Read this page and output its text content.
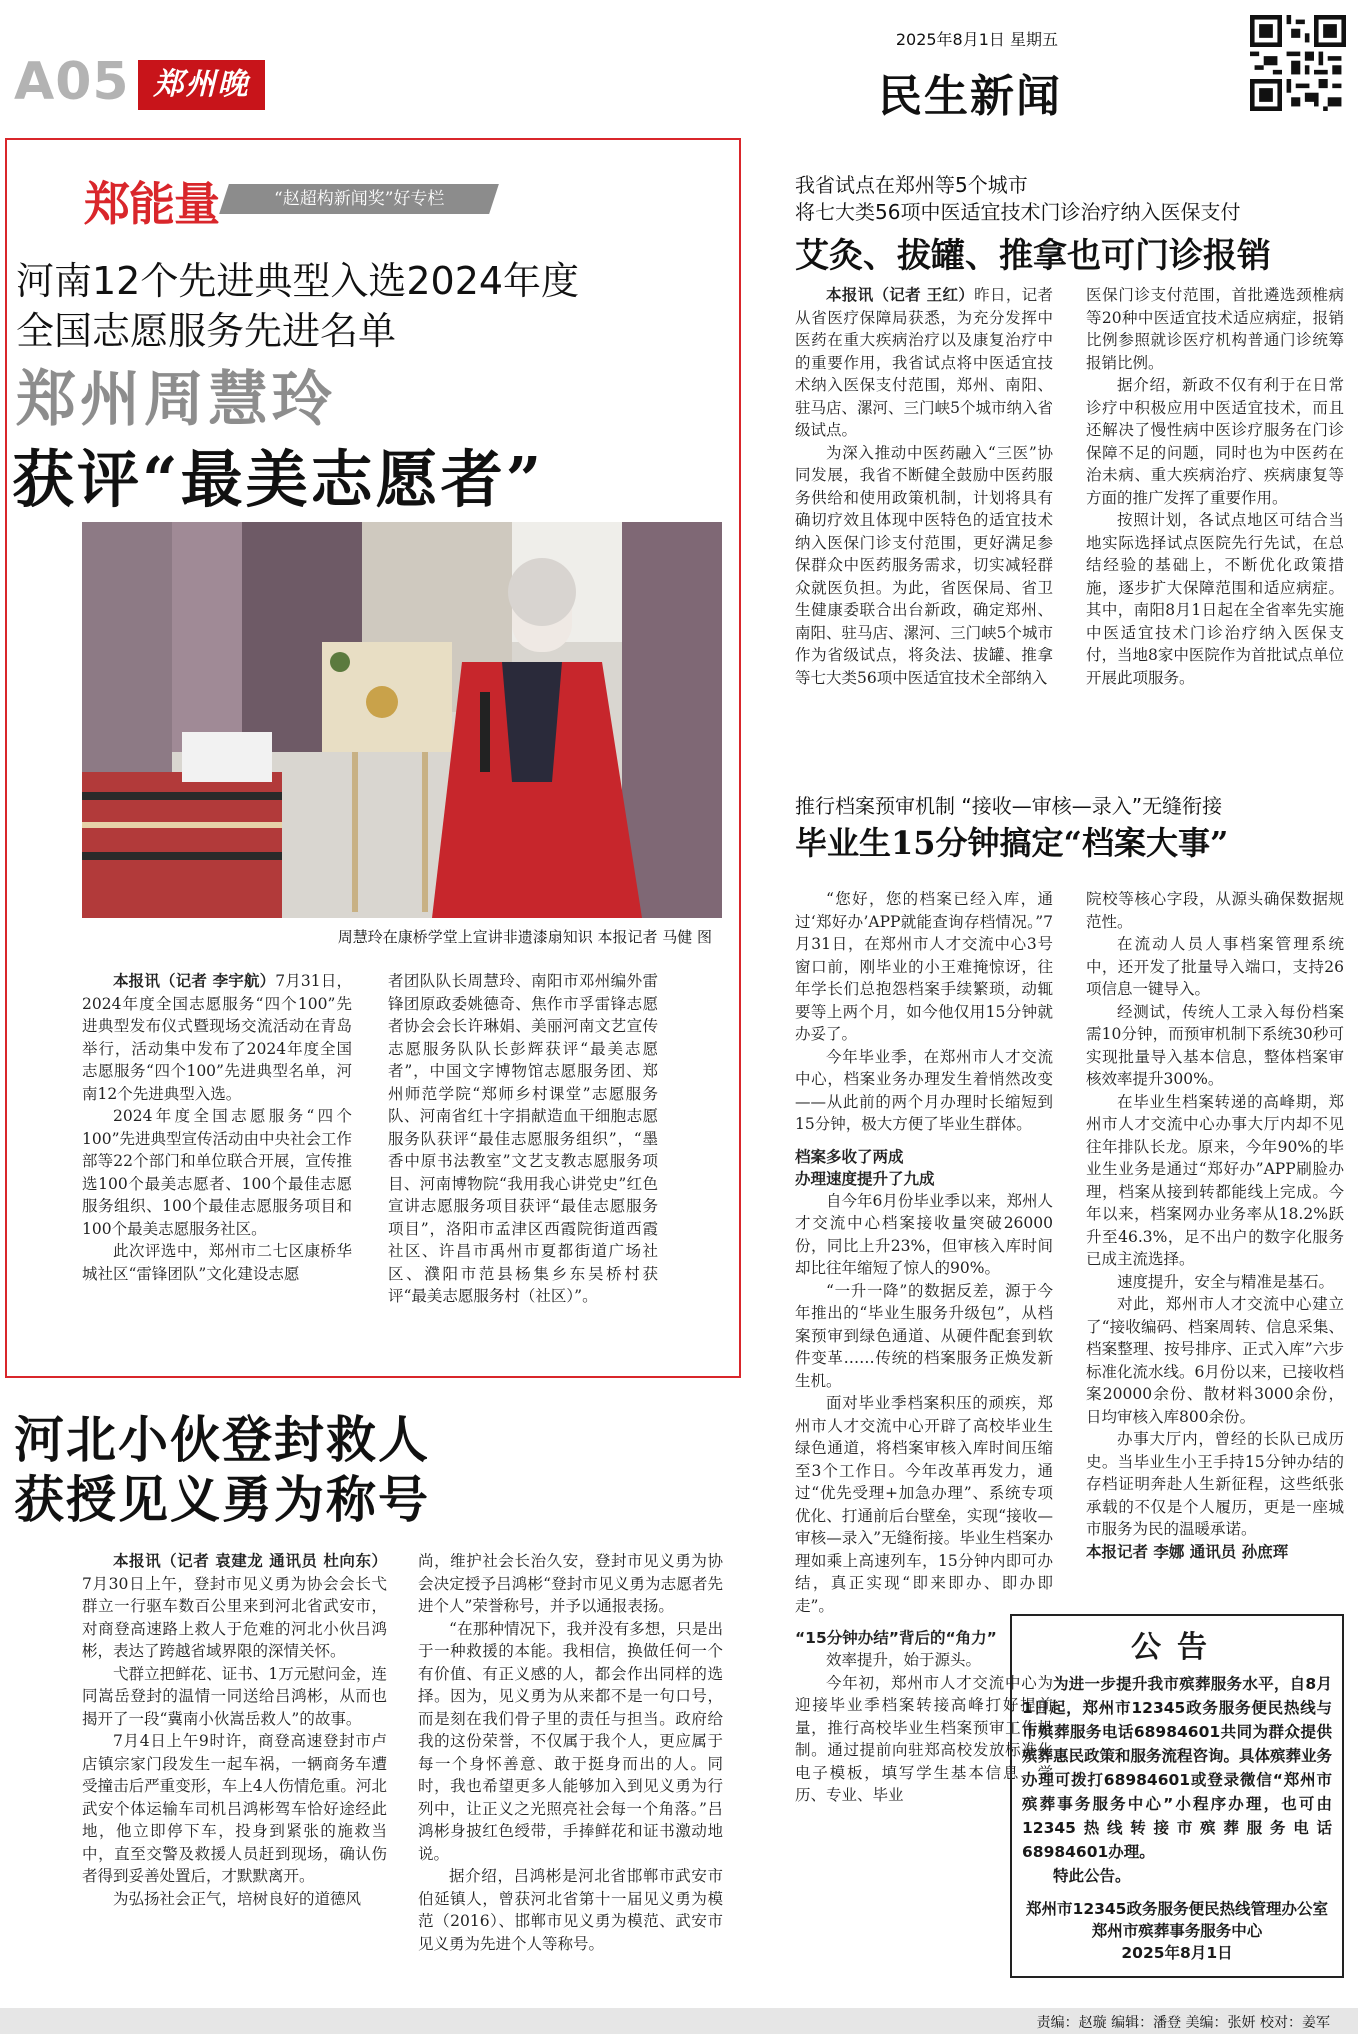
A05 郑州晚报
2025年8月1日 星期五
民生新闻
郑能量	“赵超构新闻奖”好专栏
河南12个先进典型入选2024年度
全国志愿服务先进名单
郑州周慧玲
获评“最美志愿者”
周慧玲在康桥学堂上宣讲非遗漆扇知识 本报记者 马健 图

本报讯（记者 李宇航）7月31日，2024年度全国志愿服务“四个100”先进典型发布仪式暨现场交流活动在青岛举行，活动集中发布了2024年度全国志愿服务“四个100”先进典型名单，河南12个先进典型入选。

2024年度全国志愿服务“四个100”先进典型宣传活动由中央社会工作部等22个部门和单位联合开展，宣传推选100个最美志愿者、100个最佳志愿服务组织、100个最佳志愿服务项目和100个最美志愿服务社区。

此次评选中，郑州市二七区康桥华城社区“雷锋团队”文化建设志愿

者团队队长周慧玲、南阳市邓州编外雷锋团原政委姚德奇、焦作市孚雷锋志愿者协会会长许琳娟、美丽河南文艺宣传志愿服务队队长彭辉获评“最美志愿者”，中国文字博物馆志愿服务团、郑州师范学院“郑师乡村课堂”志愿服务队、河南省红十字捐献造血干细胞志愿服务队获评“最佳志愿服务组织”，“墨香中原书法教室”文艺支教志愿服务项目、河南博物院“我用我心讲党史”红色宣讲志愿服务项目获评“最佳志愿服务项目”，洛阳市孟津区西霞院街道西霞社区、许昌市禹州市夏都街道广场社区、濮阳市范县杨集乡东吴桥村获评“最美志愿服务村（社区）”。

河北小伙登封救人
获授见义勇为称号

本报讯（记者 袁建龙 通讯员 杜向东）7月30日上午，登封市见义勇为协会会长弋群立一行驱车数百公里来到河北省武安市，对商登高速路上救人于危难的河北小伙吕鸿彬，表达了跨越省域界限的深情关怀。

弋群立把鲜花、证书、1万元慰问金，连同嵩岳登封的温情一同送给吕鸿彬，从而也揭开了一段“冀南小伙嵩岳救人”的故事。

7月4日上午9时许，商登高速登封市卢店镇宗家门段发生一起车祸，一辆商务车遭受撞击后严重变形，车上4人伤情危重。河北武安个体运输车司机吕鸿彬驾车恰好途经此地，他立即停下车，投身到紧张的施救当中，直至交警及救援人员赶到现场，确认伤者得到妥善处置后，才默默离开。

为弘扬社会正气，培树良好的道德风

尚，维护社会长治久安，登封市见义勇为协会决定授予吕鸿彬“登封市见义勇为志愿者先进个人”荣誉称号，并予以通报表扬。

“在那种情况下，我并没有多想，只是出于一种救援的本能。我相信，换做任何一个有价值、有正义感的人，都会作出同样的选择。因为，见义勇为从来都不是一句口号，而是刻在我们骨子里的责任与担当。政府给我的这份荣誉，不仅属于我个人，更应属于每一个身怀善意、敢于挺身而出的人。同时，我也希望更多人能够加入到见义勇为行列中，让正义之光照亮社会每一个角落。”吕鸿彬身披红色绶带，手捧鲜花和证书激动地说。

据介绍，吕鸿彬是河北省邯郸市武安市伯延镇人，曾获河北省第十一届见义勇为模范（2016）、邯郸市见义勇为模范、武安市见义勇为先进个人等称号。

我省试点在郑州等5个城市
将七大类56项中医适宜技术门诊治疗纳入医保支付
艾灸、拔罐、推拿也可门诊报销

本报讯（记者 王红）昨日，记者从省医疗保障局获悉，为充分发挥中医药在重大疾病治疗以及康复治疗中的重要作用，我省试点将中医适宜技术纳入医保支付范围，郑州、南阳、驻马店、漯河、三门峡5个城市纳入省级试点。

为深入推动中医药融入“三医”协同发展，我省不断健全鼓励中医药服务供给和使用政策机制，计划将具有确切疗效且体现中医特色的适宜技术纳入医保门诊支付范围，更好满足参保群众中医药服务需求，切实减轻群众就医负担。为此，省医保局、省卫生健康委联合出台新政，确定郑州、南阳、驻马店、漯河、三门峡5个城市作为省级试点，将灸法、拔罐、推拿等七大类56项中医适宜技术全部纳入

医保门诊支付范围，首批遴选颈椎病等20种中医适宜技术适应病症，报销比例参照就诊医疗机构普通门诊统筹报销比例。

据介绍，新政不仅有利于在日常诊疗中积极应用中医适宜技术，而且还解决了慢性病中医诊疗服务在门诊保障不足的问题，同时也为中医药在治未病、重大疾病治疗、疾病康复等方面的推广发挥了重要作用。

按照计划，各试点地区可结合当地实际选择试点医院先行先试，在总结经验的基础上，不断优化政策措施，逐步扩大保障范围和适应病症。其中，南阳8月1日起在全省率先实施中医适宜技术门诊治疗纳入医保支付，当地8家中医院作为首批试点单位开展此项服务。

推行档案预审机制 “接收—审核—录入”无缝衔接
毕业生15分钟搞定“档案大事”

“您好，您的档案已经入库，通过‘郑好办’APP就能查询存档情况。”7月31日，在郑州市人才交流中心3号窗口前，刚毕业的小王难掩惊讶，往年学长们总抱怨档案手续繁琐，动辄要等上两个月，如今他仅用15分钟就办妥了。

今年毕业季，在郑州市人才交流中心，档案业务办理发生着悄然改变——从此前的两个月办理时长缩短到15分钟，极大方便了毕业生群体。

档案多收了两成

办理速度提升了九成

自今年6月份毕业季以来，郑州人才交流中心档案接收量突破26000份，同比上升23%，但审核入库时间却比往年缩短了惊人的90%。

“一升一降”的数据反差，源于今年推出的“毕业生服务升级包”，从档案预审到绿色通道、从硬件配套到软件变革……传统的档案服务正焕发新生机。

面对毕业季档案积压的顽疾，郑州市人才交流中心开辟了高校毕业生绿色通道，将档案审核入库时间压缩至3个工作日。今年改革再发力，通过“优先受理+加急办理”、系统专项优化、打通前后台壁垒，实现“接收—审核—录入”无缝衔接。毕业生档案办理如乘上高速列车，15分钟内即可办结，真正实现“即来即办、即办即走”。

“15分钟办结”背后的“角力”

效率提升，始于源头。

今年初，郑州市人才交流中心为迎接毕业季档案转接高峰打好提前量，推行高校毕业生档案预审工作机制。通过提前向驻郑高校发放标准化电子模板，填写学生基本信息、学历、专业、毕业

院校等核心字段，从源头确保数据规范性。

在流动人员人事档案管理系统中，还开发了批量导入端口，支持26项信息一键导入。

经测试，传统人工录入每份档案需10分钟，而预审机制下系统30秒可实现批量导入基本信息，整体档案审核效率提升300%。

在毕业生档案转递的高峰期，郑州市人才交流中心办事大厅内却不见往年排队长龙。原来，今年90%的毕业生业务是通过“郑好办”APP刷脸办理，档案从接到转都能线上完成。今年以来，档案网办业务率从18.2%跃升至46.3%，足不出户的数字化服务已成主流选择。

速度提升，安全与精准是基石。

对此，郑州市人才交流中心建立了“接收编码、档案周转、信息采集、档案整理、按号排序、正式入库”六步标准化流水线。6月份以来，已接收档案20000余份、散材料3000余份，日均审核入库800余份。

办事大厅内，曾经的长队已成历史。当毕业生小王手持15分钟办结的存档证明奔赴人生新征程，这些纸张承载的不仅是个人履历，更是一座城市服务为民的温暖承诺。

本报记者 李娜 通讯员 孙庶珲

公告

为进一步提升我市殡葬服务水平，自8月1日起，郑州市12345政务服务便民热线与市殡葬服务电话68984601共同为群众提供殡葬惠民政策和服务流程咨询。具体殡葬业务办理可拨打68984601或登录微信“郑州市殡葬事务服务中心”小程序办理，也可由12345热线转接市殡葬服务电话68984601办理。

特此公告。

郑州市12345政务服务便民热线管理办公室
郑州市殡葬事务服务中心
2025年8月1日
责编：赵璇 编辑：潘登 美编：张妍 校对：姜军
